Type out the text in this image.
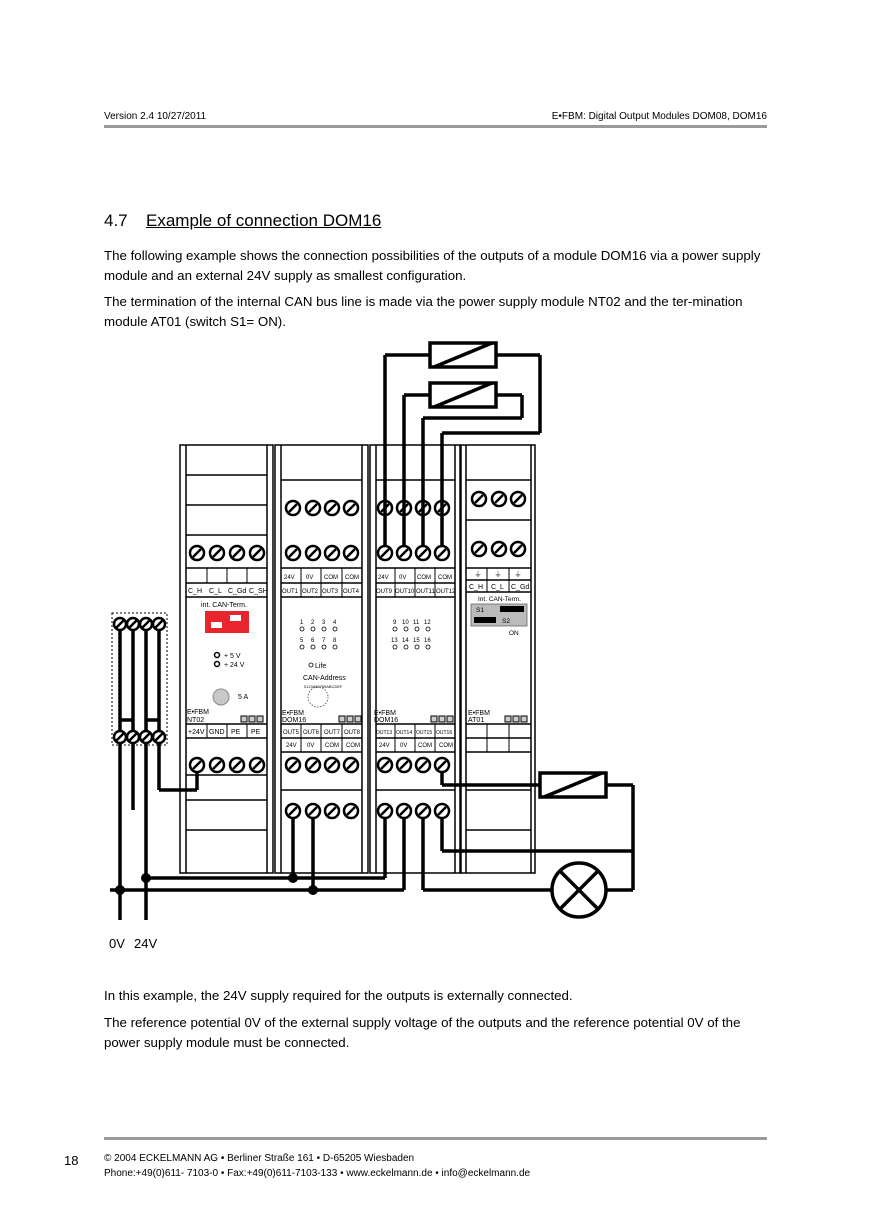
Version 2.4 10/27/2011	E•FBM: Digital Output Modules DOM08, DOM16
4.7 Example of connection DOM16
The following example shows the connection possibilities of the outputs of a module DOM16 via a power supply module and an external 24V supply as smallest configuration.
The termination of the internal CAN bus line is made via the power supply module NT02 and the ter-mination module AT01 (switch S1= ON).
C_H C_L C_Gd C_SH
int. CAN-Term.
+ 5 V
+ 24 V
5 A
E•FBM
NT02
+24V GND PE PE
24V 0V COM COM
OUT1 OUT2 OUT3 OUT4
1 2 3 4
5 6 7 8
Life
CAN-Address
E•FBM
DOM16
OUT5 OUT6 OUT7 OUT8
24V 0V COM COM
0123456789ABCDEF
24V 0V COM COM
OUT9 OUT10 OUT11 OUT12
9 10 11 12
13 14 15 16
E•FBM
DOM16
OUT13 OUT14 OUT15 OUT16
24V 0V COM COM
⏚ ⏚ ⏚
C_H C_L C_Gd
Int. CAN-Term.
ON
E•FBM
AT01
S1
S2
0V 24V
In this example, the 24V supply required for the outputs is externally connected.
The reference potential 0V of the external supply voltage of the outputs and the reference potential 0V of the power supply module must be connected.
18	© 2004 ECKELMANN AG • Berliner Straße 161 • D-65205 Wiesbaden
Phone:+49(0)611- 7103-0 • Fax:+49(0)611-7103-133 • www.eckelmann.de • info@eckelmann.de
